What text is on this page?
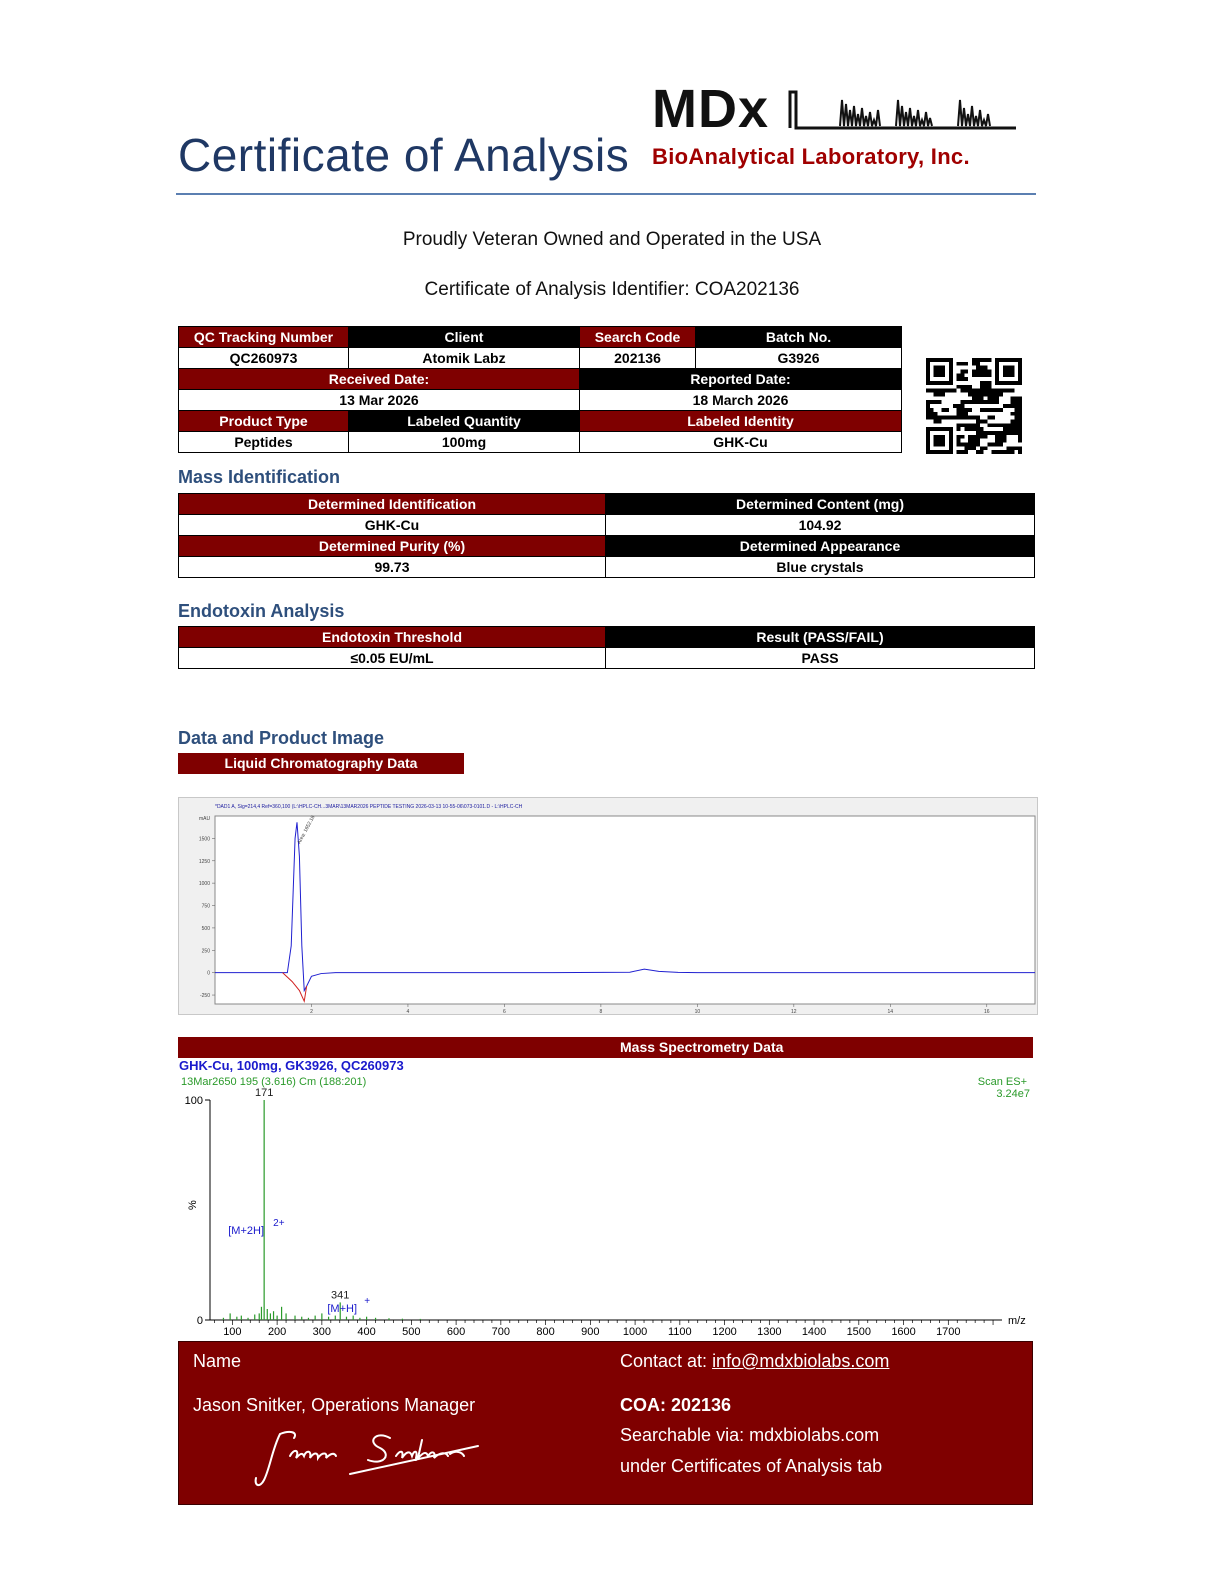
Certificate of Analysis
MDx
BioAnalytical Laboratory, Inc.
Proudly Veteran Owned and Operated in the USA
Certificate of Analysis Identifier: COA202136
QC Tracking Number	Client	Search Code	Batch No.
QC260973	Atomik Labz	202136	G3926
Received Date:		Reported Date:	
13 Mar 2026		18 March 2026	
Product Type	Labeled Quantity	Labeled Identity	
Peptides	100mg	GHK-Cu	
Mass Identification
Determined Identification	Determined Content (mg)
GHK-Cu	104.92
Determined Purity (%)	Determined Appearance
99.73	Blue crystals
Endotoxin Analysis
Endotoxin Threshold	Result (PASS/FAIL)
≤0.05 EU/mL	PASS
Data and Product Image
Liquid Chromatography Data
*DAD1 A, Sig=214,4 Ref=360,100 (L:\HPLC-CH...3MAR\13MAR2026 PEPTIDE TESTING 2026-03-13 10-55-06\073-0101.D - L:\HPLC-CH
mAU
-250
0
250
500
750
1000
1250
1500
2	4	6	8	10	12	14	16
Area: 1652.18
Mass Spectrometry Data
GHK-Cu, 100mg, GK3926, QC260973
13Mar2650 195 (3.616) Cm (188:201)	Scan ES+
3.24e7
0
100
%
100 200 300 400 500 600 700 800 900 1000 1100 1200 1300 1400 1500 1600 1700
m/z
171
341
[M+2H]
2+
[M+H]
+
Name
Jason Snitker, Operations Manager
Contact at: info@mdxbiolabs.com
COA: 202136
Searchable via: mdxbiolabs.com
under Certificates of Analysis tab
